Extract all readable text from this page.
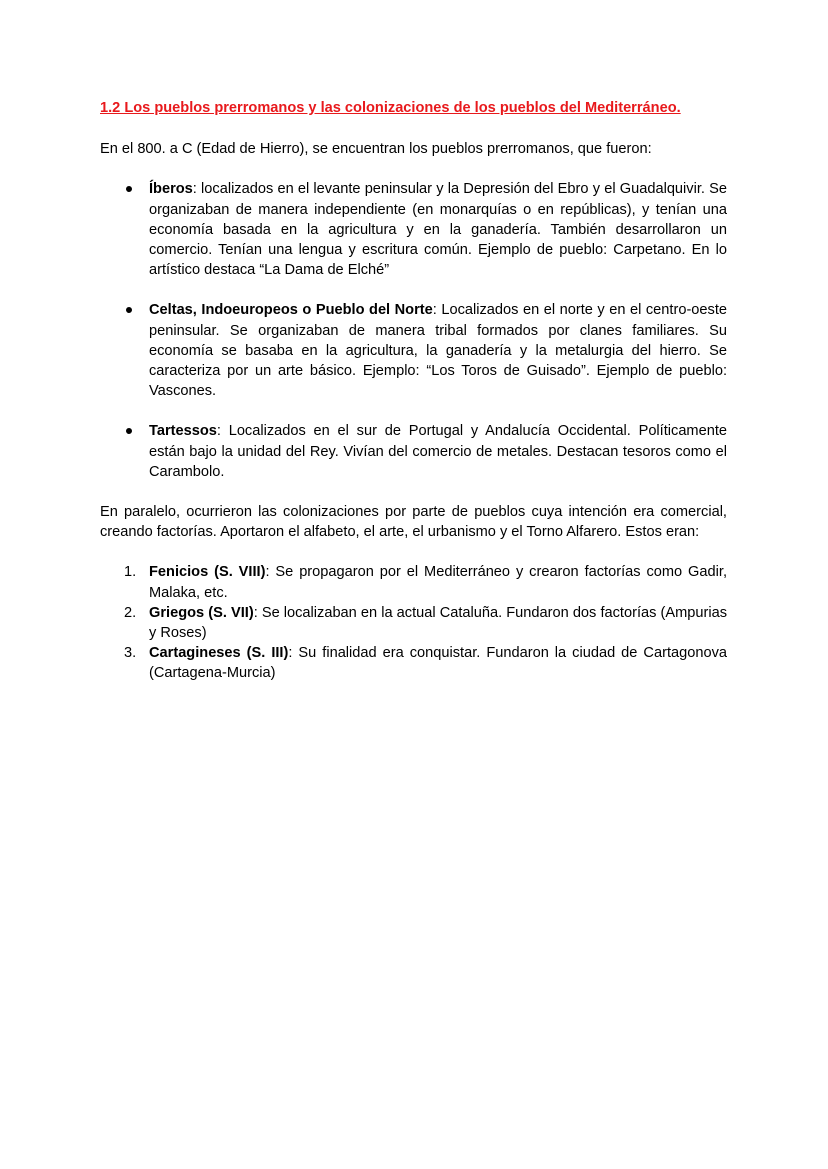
1.2 Los pueblos prerromanos y las colonizaciones de los pueblos del Mediterráneo.

En el 800. a C (Edad de Hierro), se encuentran los pueblos prerromanos, que fueron:

Íberos: localizados en el levante peninsular y la Depresión del Ebro y el Guadalquivir. Se organizaban de manera independiente (en monarquías o en repúblicas), y tenían una economía basada en la agricultura y en la ganadería. También desarrollaron un comercio. Tenían una lengua y escritura común. Ejemplo de pueblo: Carpetano. En lo artístico destaca “La Dama de Elché”
Celtas, Indoeuropeos o Pueblo del Norte: Localizados en el norte y en el centro-oeste peninsular. Se organizaban de manera tribal formados por clanes familiares. Su economía se basaba en la agricultura, la ganadería y la metalurgia del hierro. Se caracteriza por un arte básico. Ejemplo: “Los Toros de Guisado”. Ejemplo de pueblo: Vascones.
Tartessos: Localizados en el sur de Portugal y Andalucía Occidental. Políticamente están bajo la unidad del Rey. Vivían del comercio de metales. Destacan tesoros como el Carambolo.

En paralelo, ocurrieron las colonizaciones por parte de pueblos cuya intención era comercial, creando factorías. Aportaron el alfabeto, el arte, el urbanismo y el Torno Alfarero. Estos eran:

1. Fenicios (S. VIII): Se propagaron por el Mediterráneo y crearon factorías como Gadir, Malaka, etc.
2. Griegos (S. VII): Se localizaban en la actual Cataluña. Fundaron dos factorías (Ampurias y Roses)
3. Cartagineses (S. III): Su finalidad era conquistar. Fundaron la ciudad de Cartagonova (Cartagena-Murcia)
